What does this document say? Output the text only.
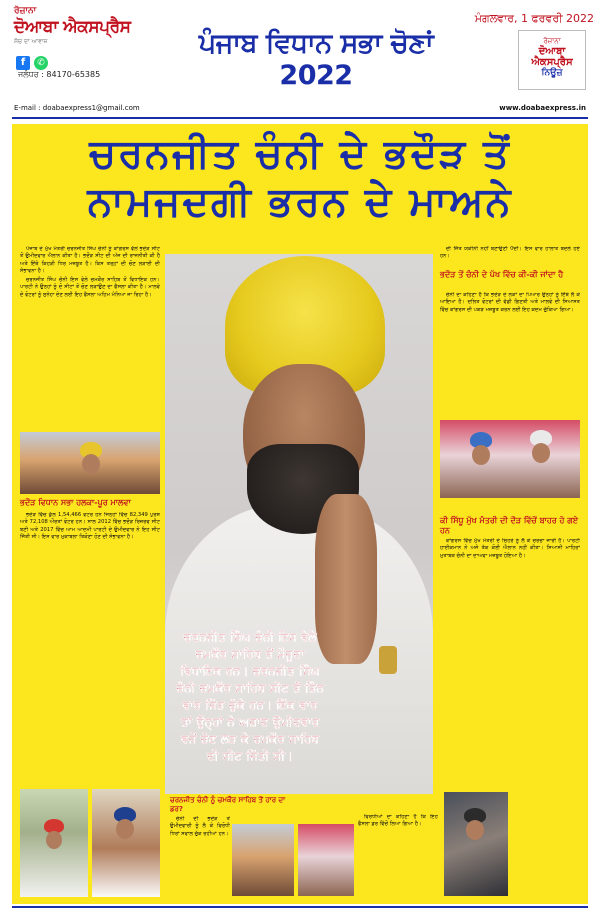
ਰੋਜ਼ਾਨਾ
ਦੋਆਬਾ ਐਕਸਪ੍ਰੈਸ
ਸੱਚ ਦਾ ਆਵਾਜ਼
f	✆
ਜਲੰਧਰ : 84170-65385
ਪੰਜਾਬ ਵਿਧਾਨ ਸਭਾ ਚੋਣਾਂ 2022
ਮੰਗਲਵਾਰ, 1 ਫਰਵਰੀ 2022
ਰੋਜ਼ਾਨਾ
ਦੋਆਬਾ ਐਕਸਪ੍ਰੈਸ
ਨਿਊਜ਼
E-mail : doabaexpress1@gmail.com	www.doabaexpress.in
ਚਰਨਜੀਤ ਚੰਨੀ ਦੇ ਭਦੌੜ ਤੋਂ
ਨਾਮਜਦਗੀ ਭਰਨ ਦੇ ਮਾਅਨੇ

ਪੰਜਾਬ ਦੇ ਮੁੱਖ ਮੰਤਰੀ ਚਰਨਜੀਤ ਸਿੰਘ ਚੰਨੀ ਨੂੰ ਕਾਂਗਰਸ ਵੱਲੋਂ ਭਦੌੜ ਸੀਟ ਤੋਂ ਉਮੀਦਵਾਰ ਐਲਾਨ ਕੀਤਾ ਹੈ। ਭਦੌੜ ਸੀਟ ਦੀ ਅੱਜ ਦੀ ਰਾਜਨੀਤੀ ਕੀ ਹੈ ਅਤੇ ਇੱਥੇ ਕਿਹੜੀ ਧਿਰ ਮਜ਼ਬੂਤ ਹੈ। ਕਿਸ ਤਰ੍ਹਾਂ ਦੀ ਚੋਣ ਲੜਾਈ ਦੀ ਸੰਭਾਵਨਾ ਹੈ।

ਚਰਨਜੀਤ ਸਿੰਘ ਚੰਨੀ ਇਸ ਵੇਲੇ ਚਮਕੌਰ ਸਾਹਿਬ ਤੋਂ ਵਿਧਾਇਕ ਹਨ। ਪਾਰਟੀ ਨੇ ਉਨ੍ਹਾਂ ਨੂੰ ਦੋ ਸੀਟਾਂ ਤੋਂ ਚੋਣ ਲੜਾਉਣ ਦਾ ਫੈਸਲਾ ਕੀਤਾ ਹੈ। ਮਾਲਵੇ ਦੇ ਵੋਟਰਾਂ ਨੂੰ ਸੁਨੇਹਾ ਦੇਣ ਲਈ ਇਹ ਫੈਸਲਾ ਅਹਿਮ ਮੰਨਿਆ ਜਾ ਰਿਹਾ ਹੈ।

ਭਦੌੜ ਵਿਧਾਨ ਸਭਾ ਹਲਕਾ-ਪੂਰ ਮਾਲਵਾ

ਭਦੌੜ ਵਿੱਚ ਕੁੱਲ 1,54,466 ਵੋਟਰ ਹਨ ਜਿਨ੍ਹਾਂ ਵਿੱਚ 82,349 ਪੁਰਸ਼ ਅਤੇ 72,108 ਔਰਤਾਂ ਵੋਟਰ ਹਨ। ਸਾਲ 2012 ਵਿੱਚ ਭਦੌੜ ਰਿਜ਼ਰਵ ਸੀਟ ਬਣੀ ਅਤੇ 2017 ਵਿੱਚ ਆਮ ਆਦਮੀ ਪਾਰਟੀ ਦੇ ਉਮੀਦਵਾਰ ਨੇ ਇਹ ਸੀਟ ਜਿੱਤੀ ਸੀ। ਇਸ ਵਾਰ ਮੁਕਾਬਲਾ ਤਿਕੋਣਾ ਹੋਣ ਦੀ ਸੰਭਾਵਨਾ ਹੈ।

ਚਰਨਜੀਤ ਸਿੰਘ ਚੰਨੀ ਇਸ ਵੇਲੇ ਚਮਕੌਰ ਸਾਹਿਬ ਤੋਂ ਮੌਜੂਦਾ ਵਿਧਾਇਕ ਹਨ। ਚਰਨਜੀਤ ਸਿੰਘ ਚੰਨੀ ਚਮਕੌਰ ਸਾਹਿਬ ਸੀਟ ਤੋਂ ਤਿੰਨ ਵਾਰ ਜਿੱਤ ਚੁੱਕੇ ਹਨ। ਇੱਕ ਵਾਰ ਤਾਂ ਉਨ੍ਹਾਂ ਨੇ ਅਜ਼ਾਦ ਉਮੀਦਵਾਰ ਵਜੋਂ ਚੋਣ ਲੜ ਕੇ ਚਮਕੌਰ ਸਾਹਿਬ ਦੀ ਸੀਟ ਜਿੱਤੀ ਸੀ।

ਦੀ ਜਿੱਤ ਯਕੀਨੀ ਨਹੀਂ ਬਣਾਉਣੀ ਪੈਂਦੀ। ਇਸ ਵਾਰ ਹਾਲਾਤ ਬਦਲੇ ਹੋਏ ਹਨ।

ਭਦੌੜ ਤੋਂ ਚੰਨੀ ਦੇ ਪੱਖ ਵਿੱਚ ਕੀ-ਕੀ ਜਾਂਦਾ ਹੈ

ਚੰਨੀ ਦਾ ਕਹਿਣਾ ਹੈ ਕਿ ਭਦੌੜ ਦੇ ਲੋਕਾਂ ਦਾ ਪਿਆਰ ਉਨ੍ਹਾਂ ਨੂੰ ਇੱਥੇ ਲੈ ਕੇ ਆਇਆ ਹੈ। ਦਲਿਤ ਵੋਟਰਾਂ ਦੀ ਵੱਡੀ ਗਿਣਤੀ ਅਤੇ ਮਾਲਵੇ ਦੀ ਸਿਆਸਤ ਵਿੱਚ ਕਾਂਗਰਸ ਦੀ ਪਕੜ ਮਜ਼ਬੂਤ ਕਰਨ ਲਈ ਇਹ ਕਦਮ ਚੁੱਕਿਆ ਗਿਆ।

ਕੀ ਸਿੱਧੂ ਮੁੱਖ ਮੰਤਰੀ ਦੀ ਦੌੜ ਵਿੱਚੋਂ ਬਾਹਰ ਹੋ ਗਏ ਹਨ

ਕਾਂਗਰਸ ਵਿੱਚ ਮੁੱਖ ਮੰਤਰੀ ਦੇ ਚਿਹਰੇ ਨੂੰ ਲੈ ਕੇ ਚਰਚਾ ਜਾਰੀ ਹੈ। ਪਾਰਟੀ ਹਾਈਕਮਾਨ ਨੇ ਅਜੇ ਤੱਕ ਕੋਈ ਐਲਾਨ ਨਹੀਂ ਕੀਤਾ। ਸਿਆਸੀ ਮਾਹਿਰਾਂ ਮੁਤਾਬਕ ਚੰਨੀ ਦਾ ਦਾਅਵਾ ਮਜ਼ਬੂਤ ਹੋਇਆ ਹੈ।

ਚਰਨਜੀਤ ਚੰਨੀ ਨੂੰ ਚਮਕੌਰ ਸਾਹਿਬ ਤੋਂ ਹਾਰ ਦਾ ਡਰ?

ਚੰਨੀ ਦੀ ਭਦੌੜ ਤੋਂ ਉਮੀਦਵਾਰੀ ਨੂੰ ਲੈ ਕੇ ਵਿਰੋਧੀ ਧਿਰਾਂ ਸਵਾਲ ਚੁੱਕ ਰਹੀਆਂ ਹਨ।

ਵਿਰੋਧੀਆਂ ਦਾ ਕਹਿਣਾ ਹੈ ਕਿ ਇਹ ਫੈਸਲਾ ਡਰ ਵਿੱਚੋਂ ਲਿਆ ਗਿਆ ਹੈ।
